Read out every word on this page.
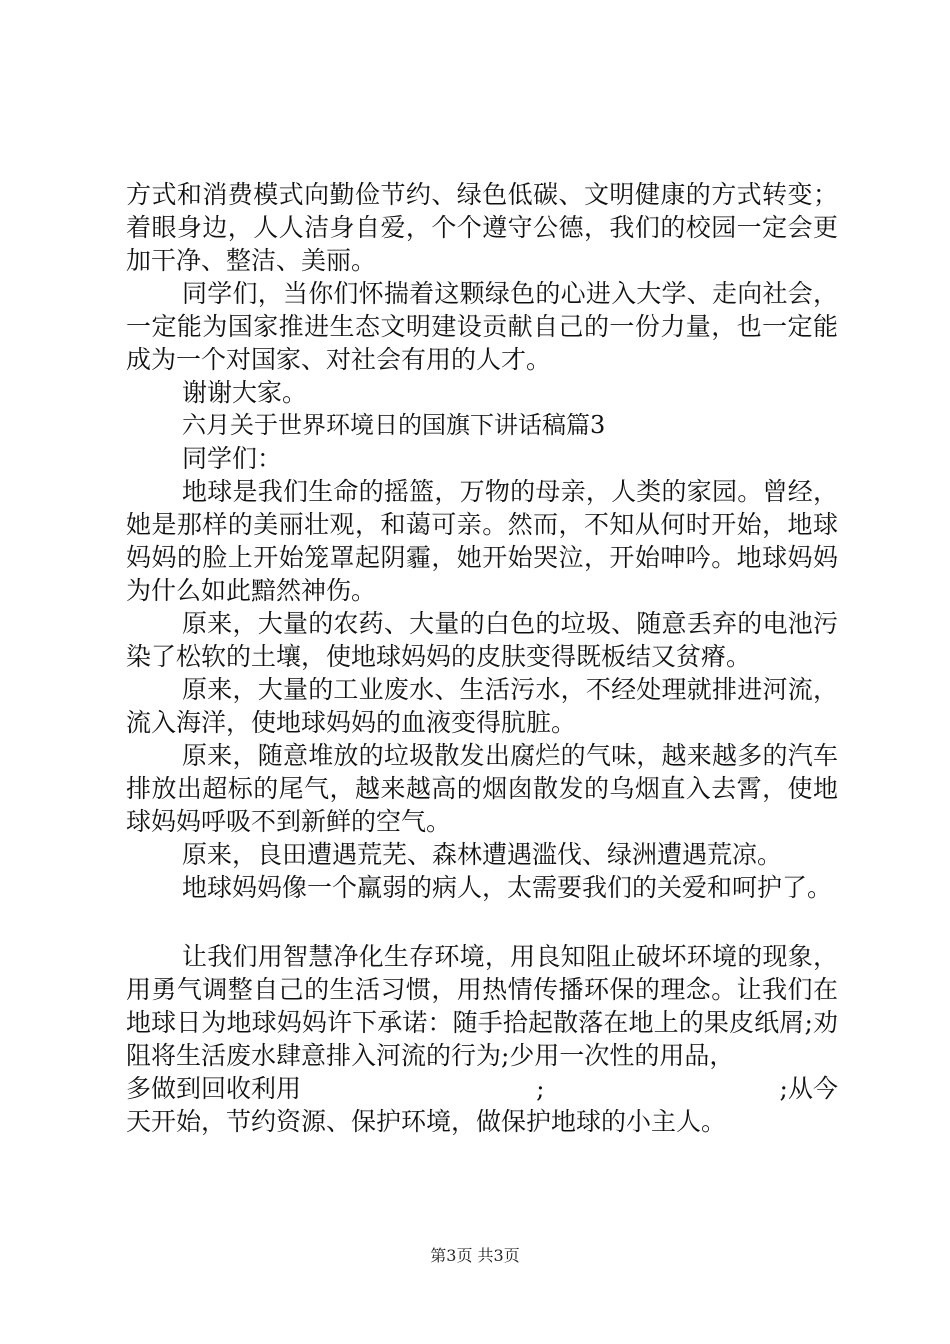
方式和消费模式向勤俭节约、绿色低碳、文明健康的方式转变；着眼身边，人人洁身自爱，个个遵守公德，我们的校园一定会更加干净、整洁、美丽。

同学们，当你们怀揣着这颗绿色的心进入大学、走向社会，一定能为国家推进生态文明建设贡献自己的一份力量，也一定能成为一个对国家、对社会有用的人才。

谢谢大家。

六月关于世界环境日的国旗下讲话稿篇3

同学们：

地球是我们生命的摇篮，万物的母亲，人类的家园。曾经，她是那样的美丽壮观，和蔼可亲。然而，不知从何时开始，地球妈妈的脸上开始笼罩起阴霾，她开始哭泣，开始呻吟。地球妈妈为什么如此黯然神伤。

原来，大量的农药、大量的白色的垃圾、随意丢弃的电池污染了松软的土壤，使地球妈妈的皮肤变得既板结又贫瘠。

原来，大量的工业废水、生活污水，不经处理就排进河流，流入海洋，使地球妈妈的血液变得肮脏。

原来，随意堆放的垃圾散发出腐烂的气味，越来越多的汽车排放出超标的尾气，越来越高的烟囱散发的乌烟直入去霄，使地球妈妈呼吸不到新鲜的空气。

原来，良田遭遇荒芜、森林遭遇滥伐、绿洲遭遇荒凉。

地球妈妈像一个羸弱的病人，太需要我们的关爱和呵护了。

让我们用智慧净化生存环境，用良知阻止破坏环境的现象，用勇气调整自己的生活习惯，用热情传播环保的理念。让我们在地球日为地球妈妈许下承诺：随手拾起散落在地上的果皮纸屑;劝阻将生活废水肆意排入河流的行为;少用一次性的用品，

多做到回收利用	;	;从今

天开始，节约资源、保护环境，做保护地球的小主人。

第3页 共3页
